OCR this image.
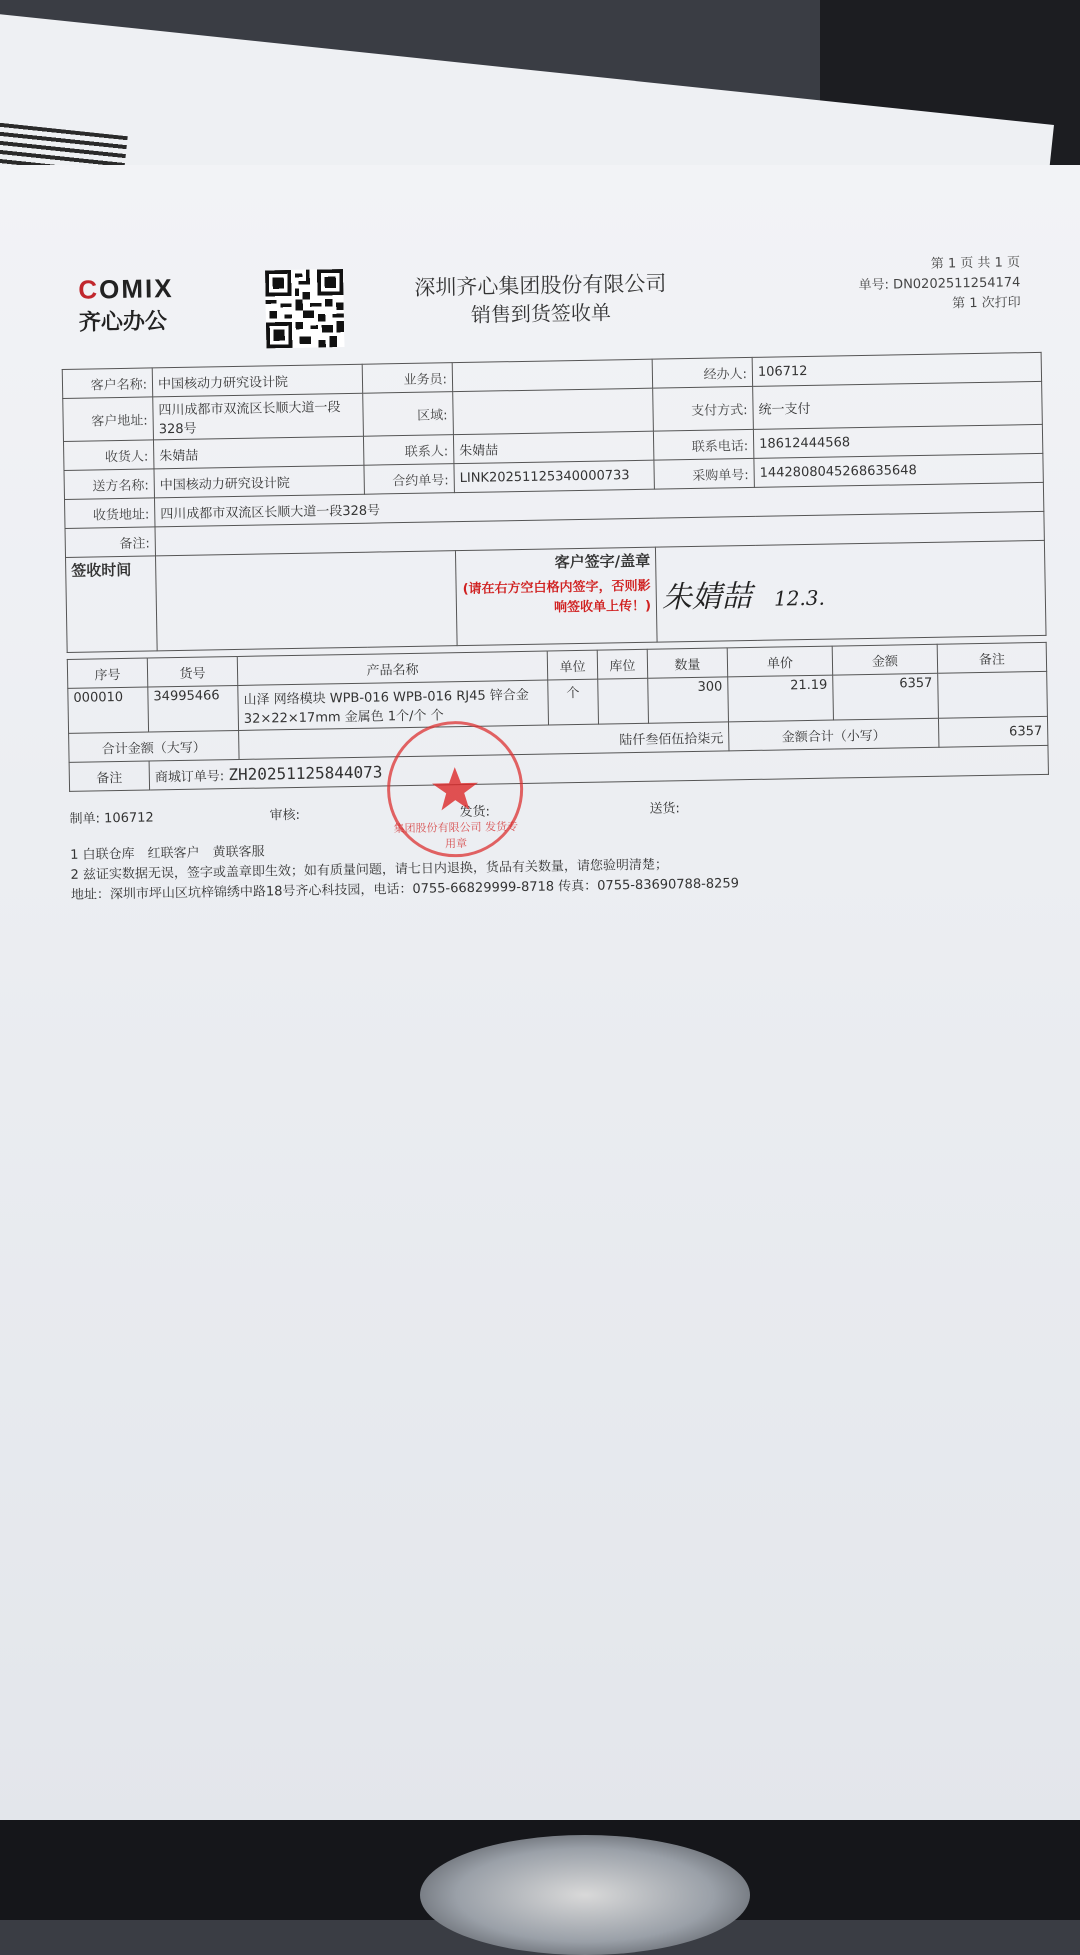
COMIX
齐心办公
深圳齐心集团股份有限公司
销售到货签收单
第 1 页 共 1 页
单号: DN0202511254174
第 1 次打印
客户名称:	中国核动力研究设计院	业务员:		经办人:	106712
客户地址:	四川成都市双流区长顺大道一段328号	区域:		支付方式:	统一支付
收货人:	朱婧喆	联系人:	朱婧喆	联系电话:	18612444568
送方名称:	中国核动力研究设计院	合约单号:	LINK20251125340000733	采购单号:	1442808045268635648
收货地址:	四川成都市双流区长顺大道一段328号				
备注:					
签收时间			客户签字/盖章
(请在右方空白格内签字，否则影响签收单上传！)	朱婧喆 12.3.	
序号	货号	产品名称	单位	库位	数量	单价	金额	备注
000010	34995466	山泽 网络模块 WPB-016 WPB-016 RJ45 锌合金 32×22×17mm 金属色 1个/个 个	个		300	21.19	6357	
合计金额（大写）		陆仟叁佰伍拾柒元				金额合计（小写）		6357
备注	商城订单号: ZH20251125844073							
制单: 106712	审核:	发货:	送货:
1 白联仓库　红联客户　黄联客服
2 兹证实数据无误，签字或盖章即生效；如有质量问题，请七日内退换，货品有关数量，请您验明清楚；
地址：深圳市坪山区坑梓锦绣中路18号齐心科技园，电话：0755-66829999-8718 传真：0755-83690788-8259
集团股份有限公司 发货专用章
